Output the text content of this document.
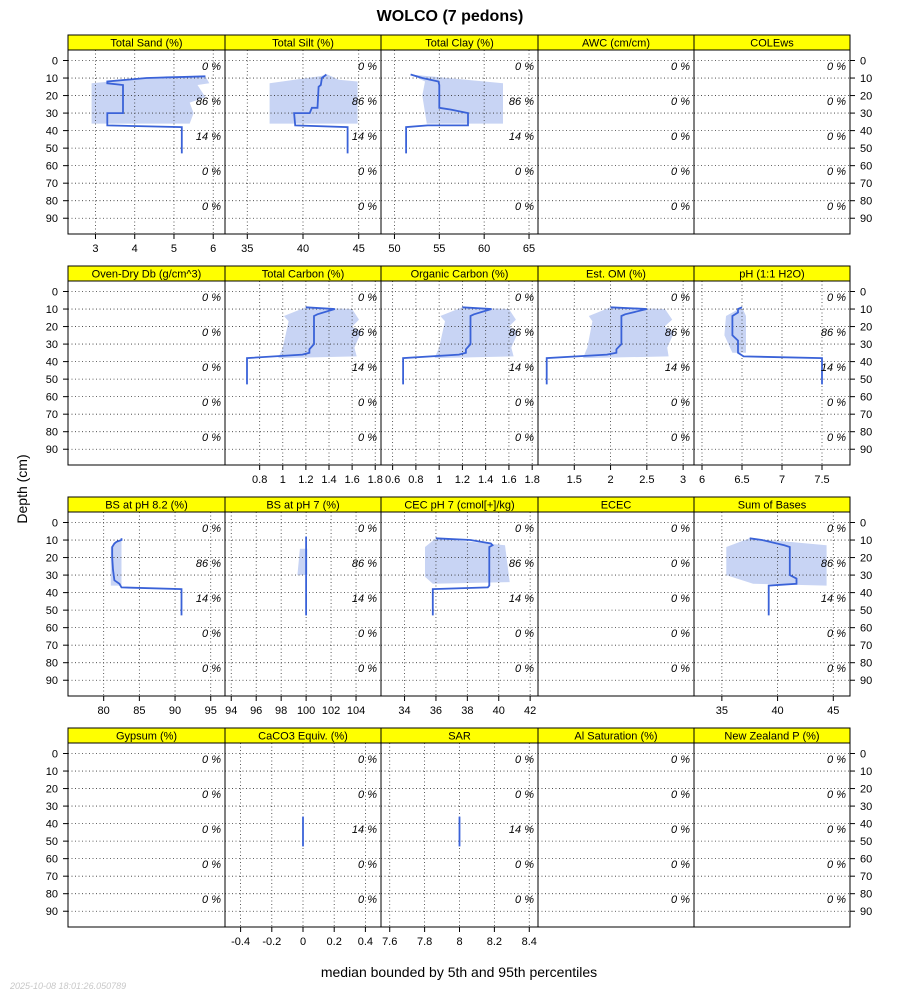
WOLCO (7 pedons)
Depth (cm)
median bounded by 5th and 95th percentiles
2025-10-08 18:01:26.050789
Total Sand (%)
0 %
86 %
14 %
0 %
0 %
3	4	5	6
Total Silt (%)
0 %
86 %
14 %
0 %
0 %
35	40	45
Total Clay (%)
0 %
86 %
14 %
0 %
0 %
50	55	60	65
AWC (cm/cm)
0 %
0 %
0 %
0 %
0 %
COLEws
0 %
0 %
0 %
0 %
0 %
0	0
10	10
20	20
30	30
40	40
50	50
60	60
70	70
80	80
90	90
Oven-Dry Db (g/cm^3)
0 %
0 %
0 %
0 %
0 %
Total Carbon (%)
0 %
86 %
14 %
0 %
0 %
0.8 1 1.2 1.4 1.6 1.8
Organic Carbon (%)
0 %
86 %
14 %
0 %
0 %
0.6 0.8 1 1.2 1.4 1.6 1.8
Est. OM (%)
0 %
86 %
14 %
0 %
0 %
1.5 2 2.5 3
pH (1:1 H2O)
0 %
86 %
14 %
0 %
0 %
6	6.5	7	7.5
0	0
10	10
20	20
30	30
40	40
50	50
60	60
70	70
80	80
90	90
BS at pH 8.2 (%)
0 %
86 %
14 %
0 %
0 %
80 85 90 95
BS at pH 7 (%)
0 %
86 %
14 %
0 %
0 %
94 96 98 100 102 104
CEC pH 7 (cmol[+]/kg)
0 %
86 %
14 %
0 %
0 %
34 36 38 40 42
ECEC
0 %
0 %
0 %
0 %
0 %
Sum of Bases
0 %
86 %
14 %
0 %
0 %
35	40	45
0	0
10	10
20	20
30	30
40	40
50	50
60	60
70	70
80	80
90	90
Gypsum (%)
0 %
0 %
0 %
0 %
0 %
CaCO3 Equiv. (%)
0 %
0 %
14 %
0 %
0 %
-0.4 -0.2 0 0.2 0.4
SAR
0 %
0 %
14 %
0 %
0 %
7.6 7.8 8 8.2 8.4
Al Saturation (%)
0 %
0 %
0 %
0 %
0 %
New Zealand P (%)
0 %
0 %
0 %
0 %
0 %
0	0
10	10
20	20
30	30
40	40
50	50
60	60
70	70
80	80
90	90
